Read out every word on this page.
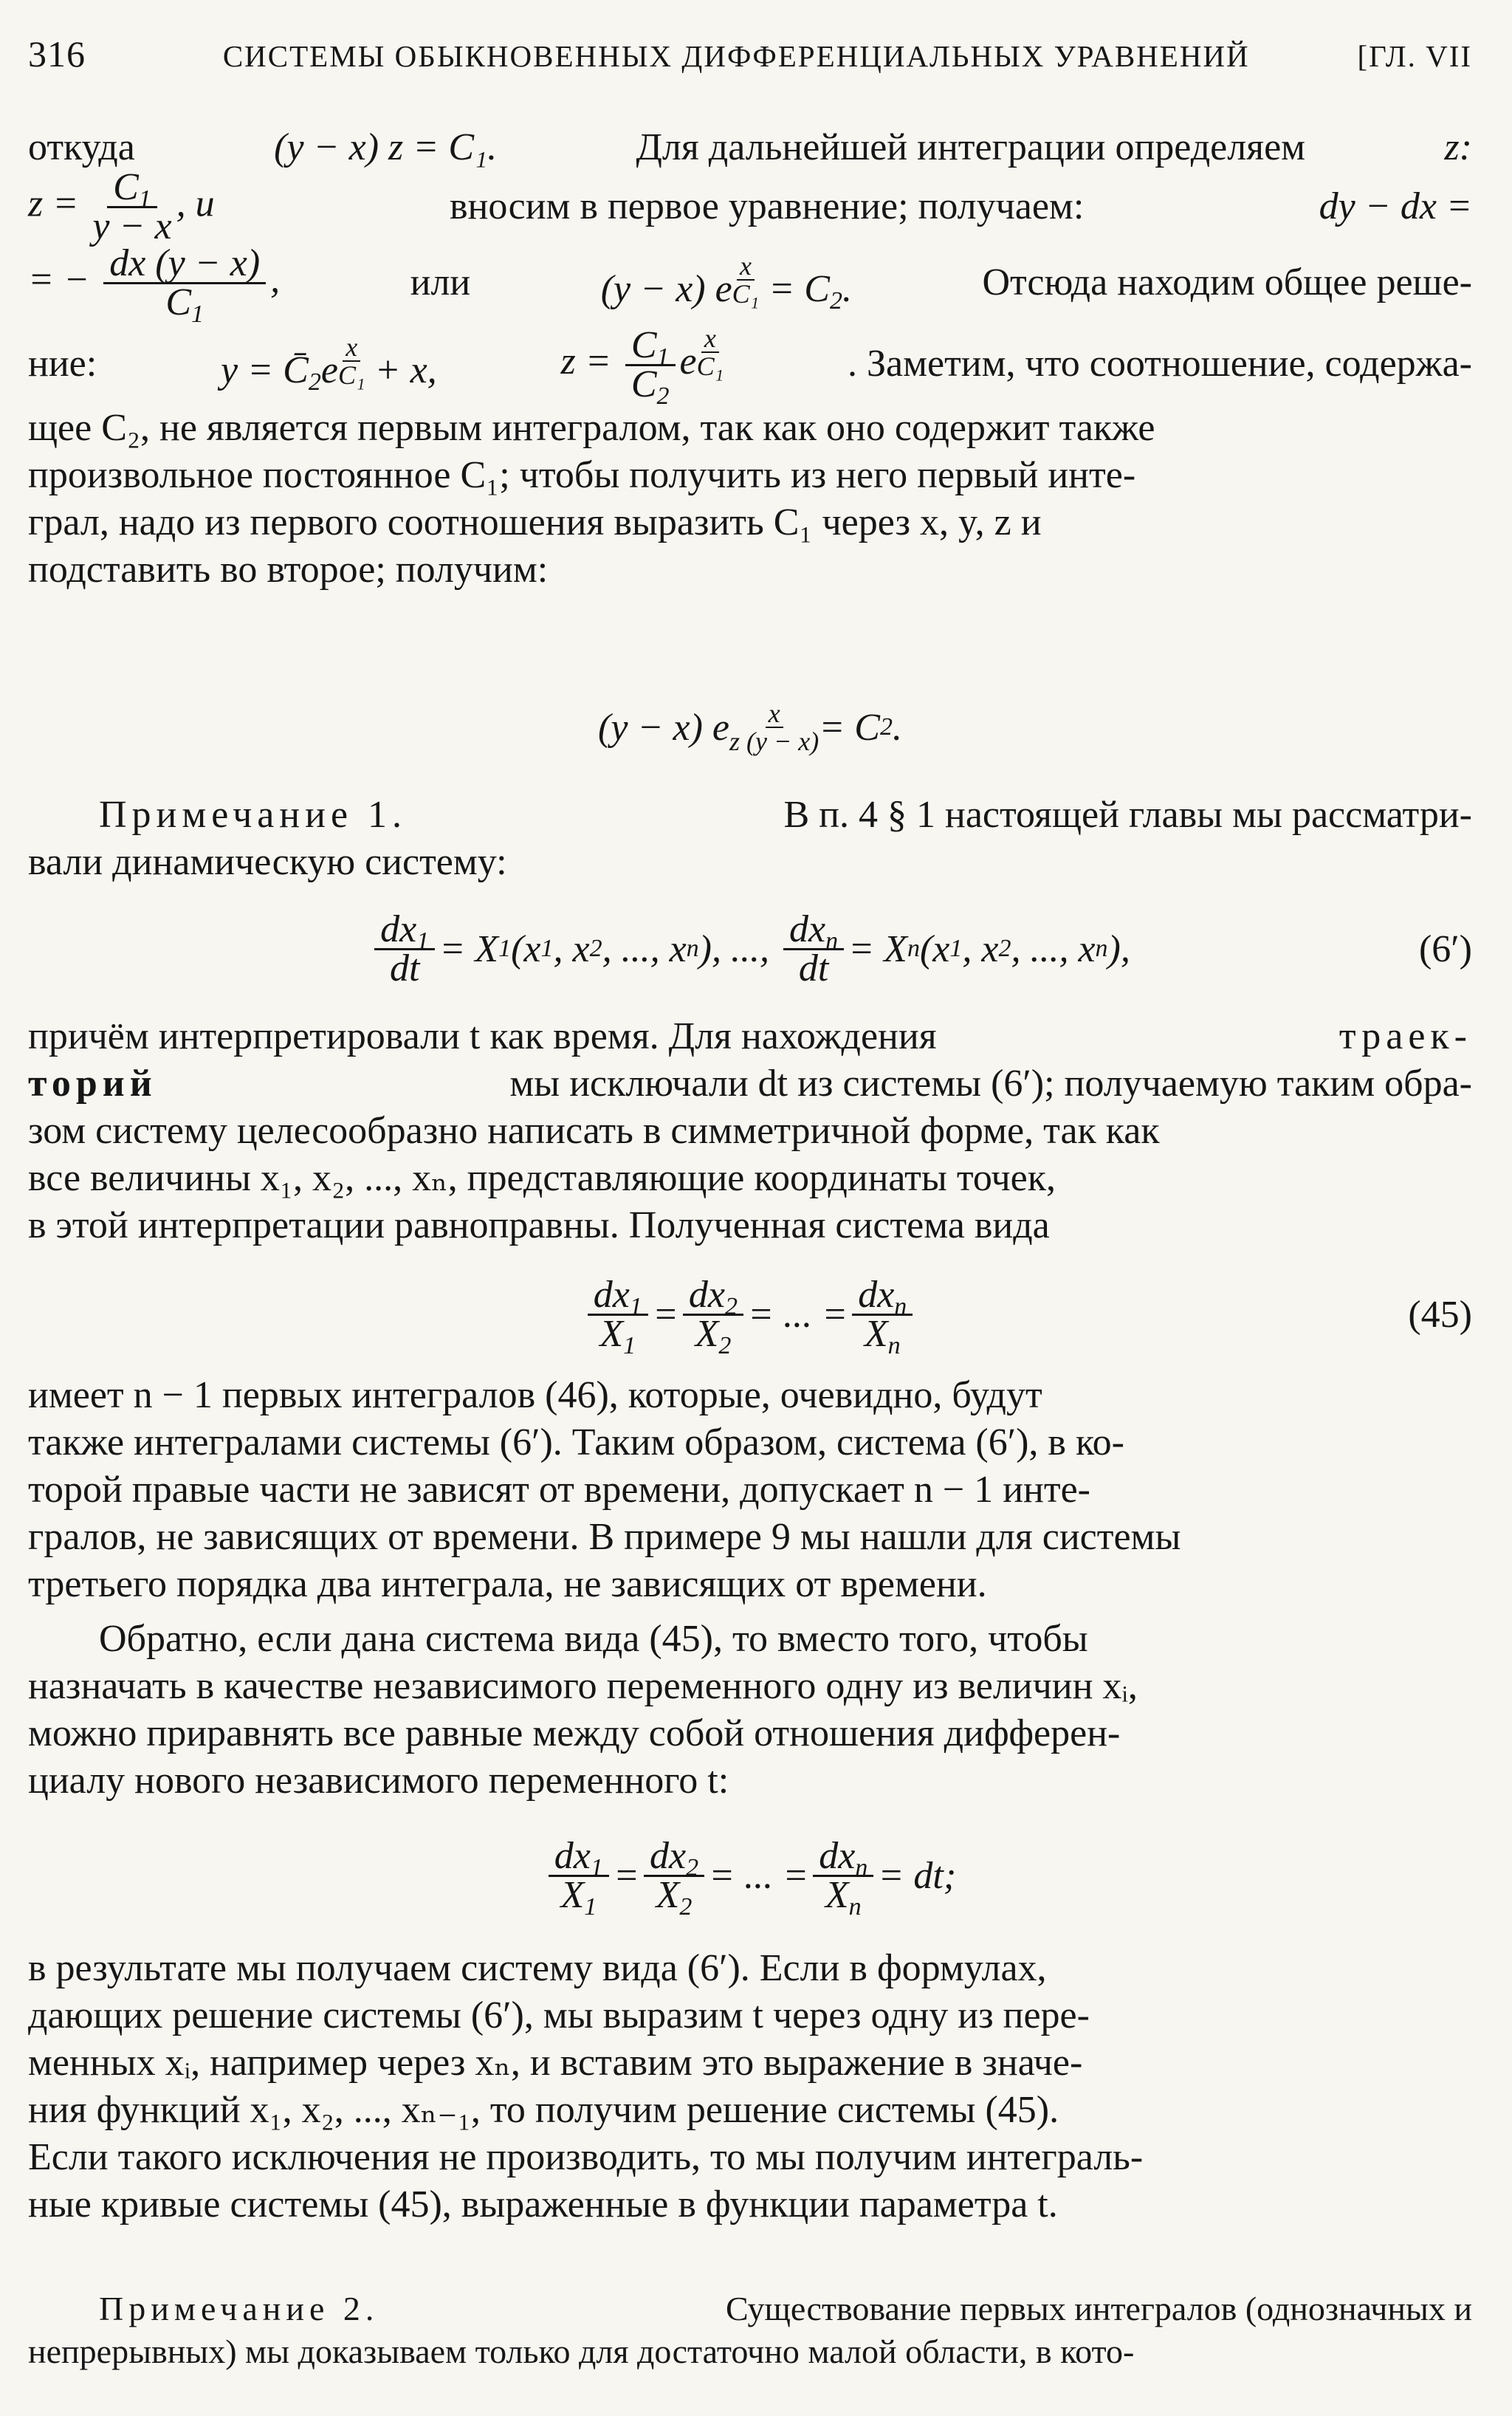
316	СИСТЕМЫ ОБЫКНОВЕННЫХ ДИФФЕРЕНЦИАЛЬНЫХ УРАВНЕНИЙ	[ГЛ. VII
откуда	(y − x) z = C₁.	Для дальнейшей интеграции определяем	z:
$z = \frac{C_1}{y - x}$ , и	вносим в первое уравнение; получаем:	dy − dx =
= − $\frac{dx (y - x)}{C_1}$ ,	или	(y − x) e $\frac{x}{\text{C₁}} = C_2$.	Отсюда находим общее реше-
ние:	$y = C̄_2e \frac{x}{\text{C₁}} + x$,	$z = \frac{C_1}{C_2}$ e $\frac{x}{\text{C₁}}$	. Заметим, что соотношение, содержа-
щее C₂, не является первым интегралом, так как оно содержит также
произвольное постоянное C₁; чтобы получить из него первый инте-
грал, надо из первого соотношения выразить C₁ через x, y, z и
подставить во второе; получим:
(y − x) e x
z (y − x) = C 2 .
Примечание 1.	В п. 4 § 1 настоящей главы мы рассматри-
вали динамическую систему:
$\frac{dx_1}{dt} = X$ 1 (x 1 , x 2 , ..., x n ), ..., $\frac{dx_n}{dt} = X$ n (x 1 , x 2 , ..., x n ),	(6′)
причём интерпретировали t как время. Для нахождения	траек-
торий	мы исключали dt из системы (6′); получаемую таким обра-
зом систему целесообразно написать в симметричной форме, так как
все величины x₁, x₂, ..., xₙ, представляющие координаты точек,
в этой интерпретации равноправны. Полученная система вида
$\frac{dx_1}{X_1} = \frac{dx_2}{X_2}$ = ... = $\frac{dx_n}{X_n}$	(45)
имеет n − 1 первых интегралов (46), которые, очевидно, будут
также интегралами системы (6′). Таким образом, система (6′), в ко-
торой правые части не зависят от времени, допускает n − 1 инте-
гралов, не зависящих от времени. В примере 9 мы нашли для системы
третьего порядка два интеграла, не зависящих от времени.
Обратно, если дана система вида (45), то вместо того, чтобы
назначать в качестве независимого переменного одну из величин xᵢ,
можно приравнять все равные между собой отношения дифферен-
циалу нового независимого переменного t:
$\frac{dx_1}{X_1} = \frac{dx_2}{X_2}$ = ... = $\frac{dx_n}{X_n}$ = dt;
в результате мы получаем систему вида (6′). Если в формулах,
дающих решение системы (6′), мы выразим t через одну из пере-
менных xᵢ, например через xₙ, и вставим это выражение в значе-
ния функций x₁, x₂, ..., xₙ₋₁, то получим решение системы (45).
Если такого исключения не производить, то мы получим интеграль-
ные кривые системы (45), выраженные в функции параметра t.
Примечание 2.	Существование первых интегралов (однозначных и
непрерывных) мы доказываем только для достаточно малой области, в кото-
